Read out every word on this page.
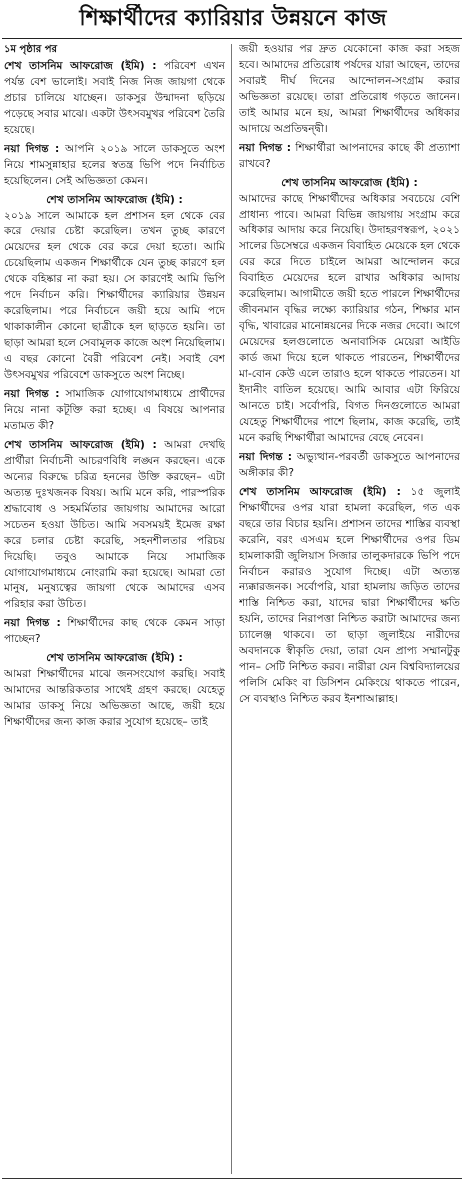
শিক্ষার্থীদের ক্যারিয়ার উন্নয়নে কাজ
১ম পৃষ্ঠার পর

শেখ তাসনিম আফরোজ (ইমি) : পরিবেশ এখন পর্যন্ত বেশ ভালোই। সবাই নিজ নিজ জায়গা থেকে প্রচার চালিয়ে যাচ্ছেন। ডাকসুর উন্মাদনা ছড়িয়ে পড়েছে সবার মাঝে। একটা উৎসবমুখর পরিবেশ তৈরি হয়েছে।

নয়া দিগন্ত : আপনি ২০১৯ সালে ডাকসুতে অংশ নিয়ে শামসুন্নাহার হলের স্বতন্ত্র ভিপি পদে নির্বাচিত হয়েছিলেন। সেই অভিজ্ঞতা কেমন।

শেখ তাসনিম আফরোজ (ইমি) :
২০১৯ সালে আমাকে হল প্রশাসন হল থেকে বের করে দেয়ার চেষ্টা করেছিল। তখন তুচ্ছ কারণে মেয়েদের হল থেকে বের করে দেয়া হতো। আমি চেয়েছিলাম একজন শিক্ষার্থীকে যেন তুচ্ছ কারণে হল থেকে বহিষ্কার না করা হয়। সে কারণেই আমি ভিপি পদে নির্বাচন করি। শিক্ষার্থীদের ক্যারিয়ার উন্নয়ন করেছিলাম। পরে নির্বাচনে জয়ী হয়ে আমি পদে থাকাকালীন কোনো ছাত্রীকে হল ছাড়তে হয়নি। তা ছাড়া আমরা হলে সেবামূলক কাজে অংশ নিয়েছিলাম। এ বছর কোনো বৈরী পরিবেশ নেই। সবাই বেশ উৎসবমুখর পরিবেশে ডাকসুতে অংশ নিচ্ছে।

নয়া দিগন্ত : সামাজিক যোগাযোগমাধ্যমে প্রার্থীদের নিয়ে নানা কটূক্তি করা হচ্ছে। এ বিষয়ে আপনার মতামত কী?

শেখ তাসনিম আফরোজ (ইমি) : আমরা দেখছি প্রার্থীরা নির্বাচনী আচরণবিধি লঙ্ঘন করছেন। একে অন্যের বিরুদ্ধে চরিত্র হননের উক্তি করছেন– এটা অত্যন্ত দুঃখজনক বিষয়। আমি মনে করি, পারস্পরিক শ্রদ্ধাবোধ ও সহমর্মিতার জায়গায় আমাদের আরো সচেতন হওয়া উচিত। আমি সবসময়ই ইমেজ রক্ষা করে চলার চেষ্টা করেছি, সহনশীলতার পরিচয় দিয়েছি। তবুও আমাকে নিয়ে সামাজিক যোগাযোগমাধ্যমে নোংরামি করা হয়েছে। আমরা তো মানুষ, মনুষ্যত্বের জায়গা থেকে আমাদের এসব পরিহার করা উচিত।

নয়া দিগন্ত : শিক্ষার্থীদের কাছ থেকে কেমন সাড়া পাচ্ছেন?

শেখ তাসনিম আফরোজ (ইমি) :
আমরা শিক্ষার্থীদের মাঝে জনসংযোগ করছি। সবাই আমাদের আন্তরিকতার সাথেই গ্রহণ করছে। যেহেতু আমার ডাকসু নিয়ে অভিজ্ঞতা আছে, জয়ী হয়ে শিক্ষার্থীদের জন্য কাজ করার সুযোগ হয়েছে– তাই

জয়ী হওয়ার পর দ্রুত যেকোনো কাজ করা সহজ হবে। আমাদের প্রতিরোধ পর্ষদের যারা আছেন, তাদের সবারই দীর্ঘ দিনের আন্দোলন-সংগ্রাম করার অভিজ্ঞতা রয়েছে। তারা প্রতিরোধ গড়তে জানেন। তাই আমার মনে হয়, আমরা শিক্ষার্থীদের অধিকার আদায়ে অপ্রতিদ্বন্দ্বী।

নয়া দিগন্ত : শিক্ষার্থীরা আপনাদের কাছে কী প্রত্যাশা রাখবে?

শেখ তাসনিম আফরোজ (ইমি) :
আমাদের কাছে শিক্ষার্থীদের অধিকার সবচেয়ে বেশি প্রাধান্য পাবে। আমরা বিভিন্ন জায়গায় সংগ্রাম করে অধিকার আদায় করে নিয়েছি। উদাহরণস্বরূপ, ২০২১ সালের ডিসেম্বরে একজন বিবাহিত মেয়েকে হল থেকে বের করে দিতে চাইলে আমরা আন্দোলন করে বিবাহিত মেয়েদের হলে রাখার অধিকার আদায় করেছিলাম। আগামীতে জয়ী হতে পারলে শিক্ষার্থীদের জীবনমান বৃদ্ধির লক্ষ্যে ক্যারিয়ার গঠন, শিক্ষার মান বৃদ্ধি, খাবারের মানোন্নয়নের দিকে নজর দেবো। আগে মেয়েদের হলগুলোতে অনাবাসিক মেয়েরা আইডি কার্ড জমা দিয়ে হলে থাকতে পারতেন, শিক্ষার্থীদের মা-বোন কেউ এলে তারাও হলে থাকতে পারতেন। যা ইদানীং বাতিল হয়েছে। আমি আবার এটা ফিরিয়ে আনতে চাই। সর্বোপরি, বিগত দিনগুলোতে আমরা যেহেতু শিক্ষার্থীদের পাশে ছিলাম, কাজ করেছি, তাই মনে করছি শিক্ষার্থীরা আমাদের বেছে নেবেন।

নয়া দিগন্ত : অভ্যুত্থান-পরবর্তী ডাকসুতে আপনাদের অঙ্গীকার কী?

শেখ তাসনিম আফরোজ (ইমি) : ১৫ জুলাই শিক্ষার্থীদের ওপর যারা হামলা করেছিল, গত এক বছরে তার বিচার হয়নি। প্রশাসন তাদের শাস্তির ব্যবস্থা করেনি, বরং এসএম হলে শিক্ষার্থীদের ওপর ডিম হামলাকারী জুলিয়াস সিজার তালুকদারকে ভিপি পদে নির্বাচন করারও সুযোগ দিচ্ছে। এটা অত্যন্ত ন্যক্কারজনক। সর্বোপরি, যারা হামলায় জড়িত তাদের শাস্তি নিশ্চিত করা, যাদের দ্বারা শিক্ষার্থীদের ক্ষতি হয়নি, তাদের নিরাপত্তা নিশ্চিত করাটা আমাদের জন্য চ্যালেঞ্জ থাকবে। তা ছাড়া জুলাইয়ে নারীদের অবদানকে স্বীকৃতি দেয়া, তারা যেন প্রাপ্য সম্মানটুকু পান– সেটি নিশ্চিত করব। নারীরা যেন বিশ্ববিদ্যালয়ের পলিসি মেকিং বা ডিসিশন মেকিংয়ে থাকতে পারেন, সে ব্যবস্থাও নিশ্চিত করব ইনশাআল্লাহ।
